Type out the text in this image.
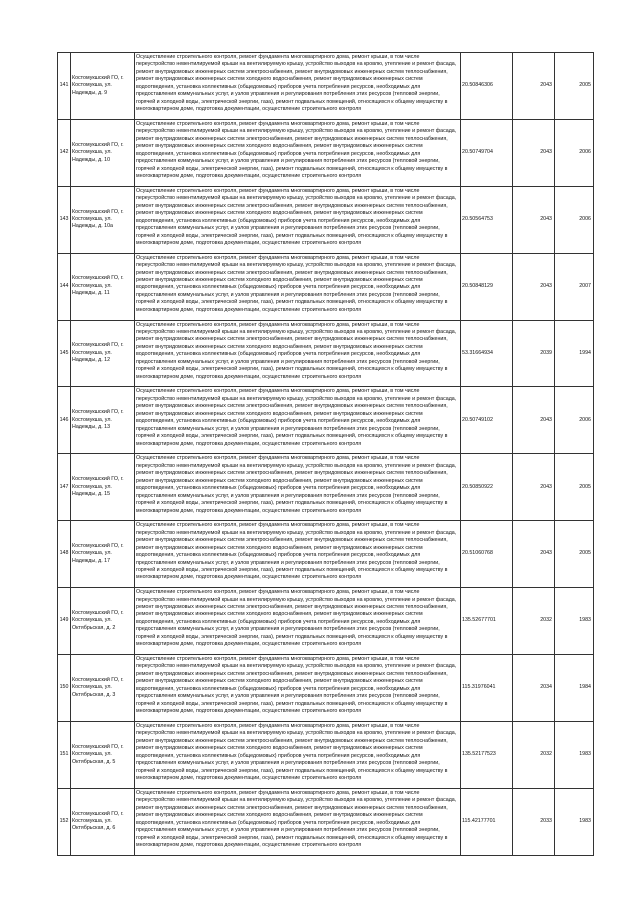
141	Костомукшский ГО, г. Костомукша, ул. Надежды, д. 9	Осуществление строительного контроля, ремонт фундамента многоквартирного дома, ремонт крыши, в том числе переустройство невентилируемой крыши на вентилируемую крышу, устройство выходов на кровлю, утепление и ремонт фасада, ремонт внутридомовых инженерных систем электроснабжения, ремонт внутридомовых инженерных систем теплоснабжения, ремонт внутридомовых инженерных систем холодного водоснабжения, ремонт внутридомовых инженерных систем водоотведения, установка коллективных (общедомовых) приборов учета потребления ресурсов, необходимых для предоставления коммунальных услуг, и узлов управления и регулирования потребления этих ресурсов (тепловой энергии, горячей и холодной воды, электрической энергии, газа), ремонт подвальных помещений, относящихся к общему имуществу в многоквартирном доме, подготовка документации, осуществление строительного контроля	20.50846306	2043	2005
142	Костомукшский ГО, г. Костомукша, ул. Надежды, д. 10	Осуществление строительного контроля, ремонт фундамента многоквартирного дома, ремонт крыши, в том числе переустройство невентилируемой крыши на вентилируемую крышу, устройство выходов на кровлю, утепление и ремонт фасада, ремонт внутридомовых инженерных систем электроснабжения, ремонт внутридомовых инженерных систем теплоснабжения, ремонт внутридомовых инженерных систем холодного водоснабжения, ремонт внутридомовых инженерных систем водоотведения, установка коллективных (общедомовых) приборов учета потребления ресурсов, необходимых для предоставления коммунальных услуг, и узлов управления и регулирования потребления этих ресурсов (тепловой энергии, горячей и холодной воды, электрической энергии, газа), ремонт подвальных помещений, относящихся к общему имуществу в многоквартирном доме, подготовка документации, осуществление строительного контроля	20.50749704	2043	2006
143	Костомукшский ГО, г. Костомукша, ул. Надежды, д. 10а	Осуществление строительного контроля, ремонт фундамента многоквартирного дома, ремонт крыши, в том числе переустройство невентилируемой крыши на вентилируемую крышу, устройство выходов на кровлю, утепление и ремонт фасада, ремонт внутридомовых инженерных систем электроснабжения, ремонт внутридомовых инженерных систем теплоснабжения, ремонт внутридомовых инженерных систем холодного водоснабжения, ремонт внутридомовых инженерных систем водоотведения, установка коллективных (общедомовых) приборов учета потребления ресурсов, необходимых для предоставления коммунальных услуг, и узлов управления и регулирования потребления этих ресурсов (тепловой энергии, горячей и холодной воды, электрической энергии, газа), ремонт подвальных помещений, относящихся к общему имуществу в многоквартирном доме, подготовка документации, осуществление строительного контроля	20.50564753	2043	2006
144	Костомукшский ГО, г. Костомукша, ул. Надежды, д. 11	Осуществление строительного контроля, ремонт фундамента многоквартирного дома, ремонт крыши, в том числе переустройство невентилируемой крыши на вентилируемую крышу, устройство выходов на кровлю, утепление и ремонт фасада, ремонт внутридомовых инженерных систем электроснабжения, ремонт внутридомовых инженерных систем теплоснабжения, ремонт внутридомовых инженерных систем холодного водоснабжения, ремонт внутридомовых инженерных систем водоотведения, установка коллективных (общедомовых) приборов учета потребления ресурсов, необходимых для предоставления коммунальных услуг, и узлов управления и регулирования потребления этих ресурсов (тепловой энергии, горячей и холодной воды, электрической энергии, газа), ремонт подвальных помещений, относящихся к общему имуществу в многоквартирном доме, подготовка документации, осуществление строительного контроля	20.50848129	2043	2007
145	Костомукшский ГО, г. Костомукша, ул. Надежды, д. 12	Осуществление строительного контроля, ремонт фундамента многоквартирного дома, ремонт крыши, в том числе переустройство невентилируемой крыши на вентилируемую крышу, устройство выходов на кровлю, утепление и ремонт фасада, ремонт внутридомовых инженерных систем электроснабжения, ремонт внутридомовых инженерных систем теплоснабжения, ремонт внутридомовых инженерных систем холодного водоснабжения, ремонт внутридомовых инженерных систем водоотведения, установка коллективных (общедомовых) приборов учета потребления ресурсов, необходимых для предоставления коммунальных услуг, и узлов управления и регулирования потребления этих ресурсов (тепловой энергии, горячей и холодной воды, электрической энергии, газа), ремонт подвальных помещений, относящихся к общему имуществу в многоквартирном доме, подготовка документации, осуществление строительного контроля	53.31664934	2039	1994
146	Костомукшский ГО, г. Костомукша, ул. Надежды, д. 13	Осуществление строительного контроля, ремонт фундамента многоквартирного дома, ремонт крыши, в том числе переустройство невентилируемой крыши на вентилируемую крышу, устройство выходов на кровлю, утепление и ремонт фасада, ремонт внутридомовых инженерных систем электроснабжения, ремонт внутридомовых инженерных систем теплоснабжения, ремонт внутридомовых инженерных систем холодного водоснабжения, ремонт внутридомовых инженерных систем водоотведения, установка коллективных (общедомовых) приборов учета потребления ресурсов, необходимых для предоставления коммунальных услуг, и узлов управления и регулирования потребления этих ресурсов (тепловой энергии, горячей и холодной воды, электрической энергии, газа), ремонт подвальных помещений, относящихся к общему имуществу в многоквартирном доме, подготовка документации, осуществление строительного контроля	20.50749102	2043	2006
147	Костомукшский ГО, г. Костомукша, ул. Надежды, д. 15	Осуществление строительного контроля, ремонт фундамента многоквартирного дома, ремонт крыши, в том числе переустройство невентилируемой крыши на вентилируемую крышу, устройство выходов на кровлю, утепление и ремонт фасада, ремонт внутридомовых инженерных систем электроснабжения, ремонт внутридомовых инженерных систем теплоснабжения, ремонт внутридомовых инженерных систем холодного водоснабжения, ремонт внутридомовых инженерных систем водоотведения, установка коллективных (общедомовых) приборов учета потребления ресурсов, необходимых для предоставления коммунальных услуг, и узлов управления и регулирования потребления этих ресурсов (тепловой энергии, горячей и холодной воды, электрической энергии, газа), ремонт подвальных помещений, относящихся к общему имуществу в многоквартирном доме, подготовка документации, осуществление строительного контроля	20.50850922	2043	2005
148	Костомукшский ГО, г. Костомукша, ул. Надежды, д. 17	Осуществление строительного контроля, ремонт фундамента многоквартирного дома, ремонт крыши, в том числе переустройство невентилируемой крыши на вентилируемую крышу, устройство выходов на кровлю, утепление и ремонт фасада, ремонт внутридомовых инженерных систем электроснабжения, ремонт внутридомовых инженерных систем теплоснабжения, ремонт внутридомовых инженерных систем холодного водоснабжения, ремонт внутридомовых инженерных систем водоотведения, установка коллективных (общедомовых) приборов учета потребления ресурсов, необходимых для предоставления коммунальных услуг, и узлов управления и регулирования потребления этих ресурсов (тепловой энергии, горячей и холодной воды, электрической энергии, газа), ремонт подвальных помещений, относящихся к общему имуществу в многоквартирном доме, подготовка документации, осуществление строительного контроля	20.51060768	2043	2005
149	Костомукшский ГО, г. Костомукша, ул. Октябрьская, д. 2	Осуществление строительного контроля, ремонт фундамента многоквартирного дома, ремонт крыши, в том числе переустройство невентилируемой крыши на вентилируемую крышу, устройство выходов на кровлю, утепление и ремонт фасада, ремонт внутридомовых инженерных систем электроснабжения, ремонт внутридомовых инженерных систем теплоснабжения, ремонт внутридомовых инженерных систем холодного водоснабжения, ремонт внутридомовых инженерных систем водоотведения, установка коллективных (общедомовых) приборов учета потребления ресурсов, необходимых для предоставления коммунальных услуг, и узлов управления и регулирования потребления этих ресурсов (тепловой энергии, горячей и холодной воды, электрической энергии, газа), ремонт подвальных помещений, относящихся к общему имуществу в многоквартирном доме, подготовка документации, осуществление строительного контроля	135.52677701	2032	1983
150	Костомукшский ГО, г. Костомукша, ул. Октябрьская, д. 3	Осуществление строительного контроля, ремонт фундамента многоквартирного дома, ремонт крыши, в том числе переустройство невентилируемой крыши на вентилируемую крышу, устройство выходов на кровлю, утепление и ремонт фасада, ремонт внутридомовых инженерных систем электроснабжения, ремонт внутридомовых инженерных систем теплоснабжения, ремонт внутридомовых инженерных систем холодного водоснабжения, ремонт внутридомовых инженерных систем водоотведения, установка коллективных (общедомовых) приборов учета потребления ресурсов, необходимых для предоставления коммунальных услуг, и узлов управления и регулирования потребления этих ресурсов (тепловой энергии, горячей и холодной воды, электрической энергии, газа), ремонт подвальных помещений, относящихся к общему имуществу в многоквартирном доме, подготовка документации, осуществление строительного контроля	115.31976041	2034	1984
151	Костомукшский ГО, г. Костомукша, ул. Октябрьская, д. 5	Осуществление строительного контроля, ремонт фундамента многоквартирного дома, ремонт крыши, в том числе переустройство невентилируемой крыши на вентилируемую крышу, устройство выходов на кровлю, утепление и ремонт фасада, ремонт внутридомовых инженерных систем электроснабжения, ремонт внутридомовых инженерных систем теплоснабжения, ремонт внутридомовых инженерных систем холодного водоснабжения, ремонт внутридомовых инженерных систем водоотведения, установка коллективных (общедомовых) приборов учета потребления ресурсов, необходимых для предоставления коммунальных услуг, и узлов управления и регулирования потребления этих ресурсов (тепловой энергии, горячей и холодной воды, электрической энергии, газа), ремонт подвальных помещений, относящихся к общему имуществу в многоквартирном доме, подготовка документации, осуществление строительного контроля	135.52177523	2032	1983
152	Костомукшский ГО, г. Костомукша, ул. Октябрьская, д. 6	Осуществление строительного контроля, ремонт фундамента многоквартирного дома, ремонт крыши, в том числе переустройство невентилируемой крыши на вентилируемую крышу, устройство выходов на кровлю, утепление и ремонт фасада, ремонт внутридомовых инженерных систем электроснабжения, ремонт внутридомовых инженерных систем теплоснабжения, ремонт внутридомовых инженерных систем холодного водоснабжения, ремонт внутридомовых инженерных систем водоотведения, установка коллективных (общедомовых) приборов учета потребления ресурсов, необходимых для предоставления коммунальных услуг, и узлов управления и регулирования потребления этих ресурсов (тепловой энергии, горячей и холодной воды, электрической энергии, газа), ремонт подвальных помещений, относящихся к общему имуществу в многоквартирном доме, подготовка документации, осуществление строительного контроля	115.42177701	2033	1983
